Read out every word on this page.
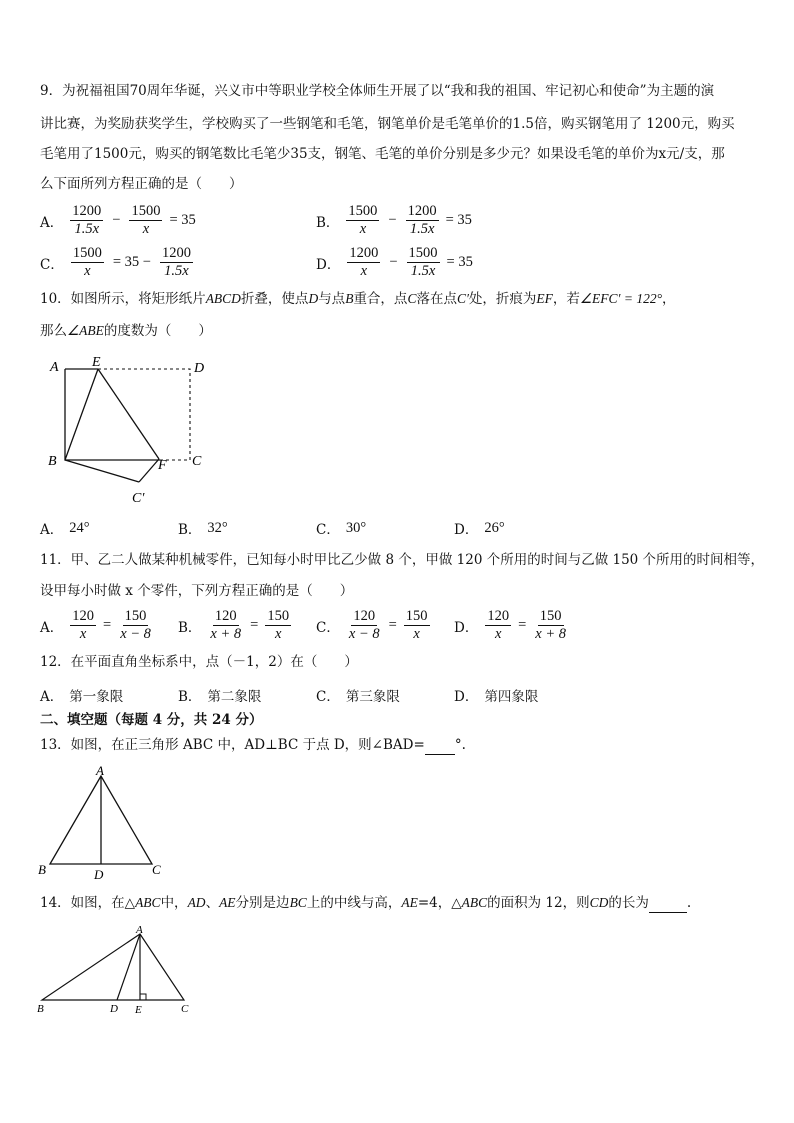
9．为祝福祖国70周年华诞，兴义市中等职业学校全体师生开展了以“我和我的祖国、牢记初心和使命”为主题的演
讲比赛，为奖励获奖学生，学校购买了一些钢笔和毛笔，钢笔单价是毛笔单价的1.5倍，购买钢笔用了 1200元，购买
毛笔用了1500元，购买的钢笔数比毛笔少35支，钢笔、毛笔的单价分别是多少元？如果设毛笔的单价为x元/支，那
么下面所列方程正确的是（　　）
A． $\frac{1200}{1.5x} - \frac{1500}{x} = 35$	B． $\frac{1500}{x} - \frac{1200}{1.5x} = 35$
C． $\frac{1500}{x} = 35 - \frac{1200}{1.5x}$	D． $\frac{1200}{x} - \frac{1500}{1.5x} = 35$
10．如图所示，将矩形纸片ABCD折叠，使点D与点B重合，点C落在点C′处，折痕为EF，若∠EFC′ = 122°，
那么∠ABE的度数为（　　）
A E	D
B	F C
C′
A． 24°	B． 32°	C． 30°	D． 26°
11．甲、乙二人做某种机械零件，已知每小时甲比乙少做 8 个，甲做 120 个所用的时间与乙做 150 个所用的时间相等，
设甲每小时做 x 个零件，下列方程正确的是（　　）
A． $\frac{120}{x} = \frac{150}{x - 8}$ B． $\frac{120}{x + 8} = \frac{150}{x}$ C． $\frac{120}{x - 8} = \frac{150}{x}$ D． $\frac{120}{x} = \frac{150}{x + 8}$
12．在平面直角坐标系中，点（－1，2）在（　　）
A． 第一象限	B． 第二象限	C． 第三象限	D． 第四象限
二、填空题（每题 4 分，共 24 分）
13．如图，在正三角形 ABC 中，AD⊥BC 于点 D，则∠BAD= °.
A
B	C
D
14．如图，在△ABC中，AD、AE分别是边BC上的中线与高，AE=4，△ABC的面积为 12，则CD的长为	.
A
B	D E	C
